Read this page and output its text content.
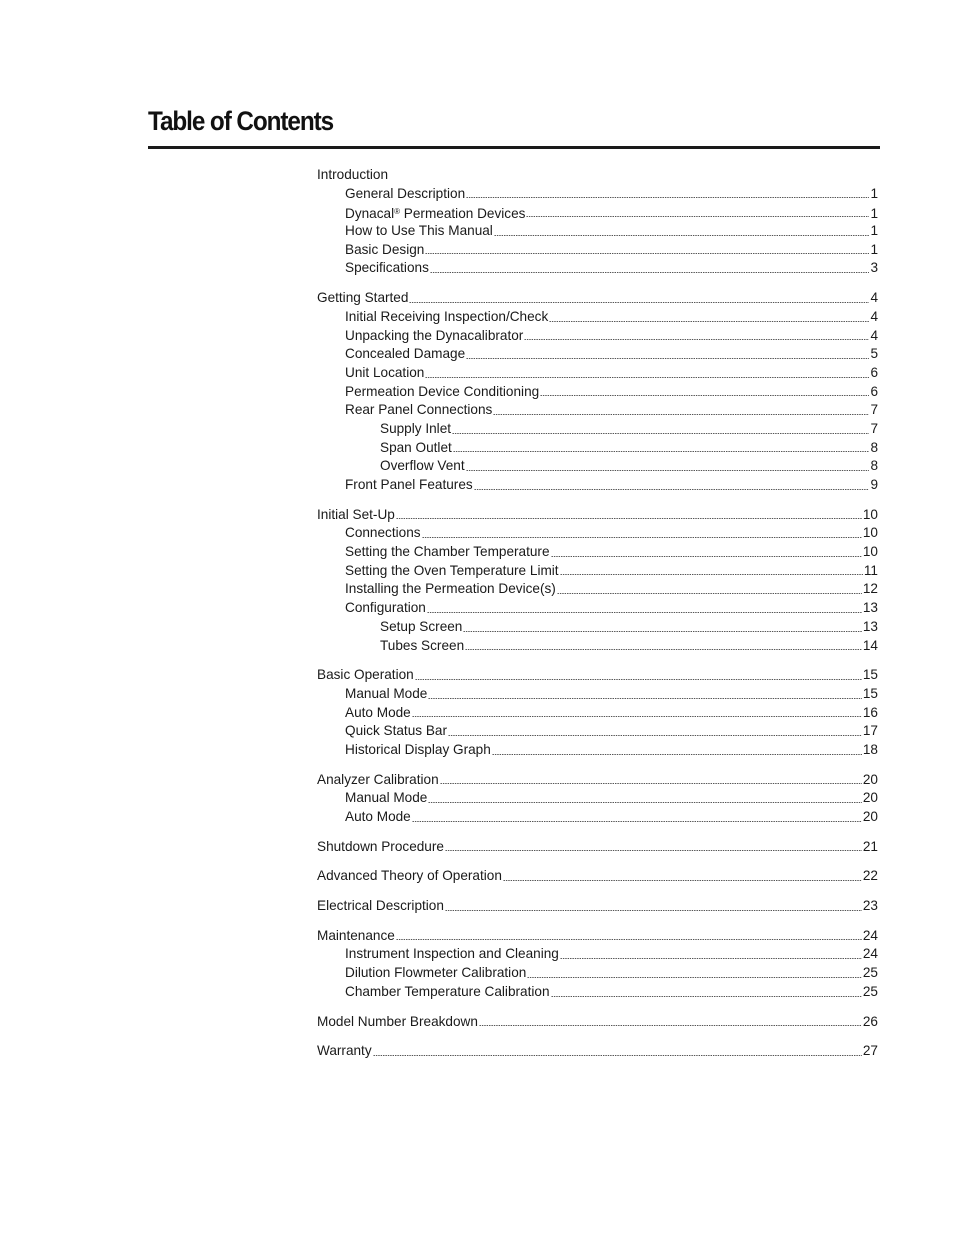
Table of Contents
Introduction
General Description	1
Dynacal® Permeation Devices	1
How to Use This Manual	1
Basic Design	1
Specifications	3
Getting Started	4
Initial Receiving Inspection/Check	4
Unpacking the Dynacalibrator	4
Concealed Damage	5
Unit Location	6
Permeation Device Conditioning	6
Rear Panel Connections	7
Supply Inlet	7
Span Outlet	8
Overflow Vent	8
Front Panel Features	9
Initial Set-Up	10
Connections	10
Setting the Chamber Temperature	10
Setting the Oven Temperature Limit	11
Installing the Permeation Device(s)	12
Configuration	13
Setup Screen	13
Tubes Screen	14
Basic Operation	15
Manual Mode	15
Auto Mode	16
Quick Status Bar	17
Historical Display Graph	18
Analyzer Calibration	20
Manual Mode	20
Auto Mode	20
Shutdown Procedure	21
Advanced Theory of Operation	22
Electrical Description	23
Maintenance	24
Instrument Inspection and Cleaning	24
Dilution Flowmeter Calibration	25
Chamber Temperature Calibration	25
Model Number Breakdown	26
Warranty	27
